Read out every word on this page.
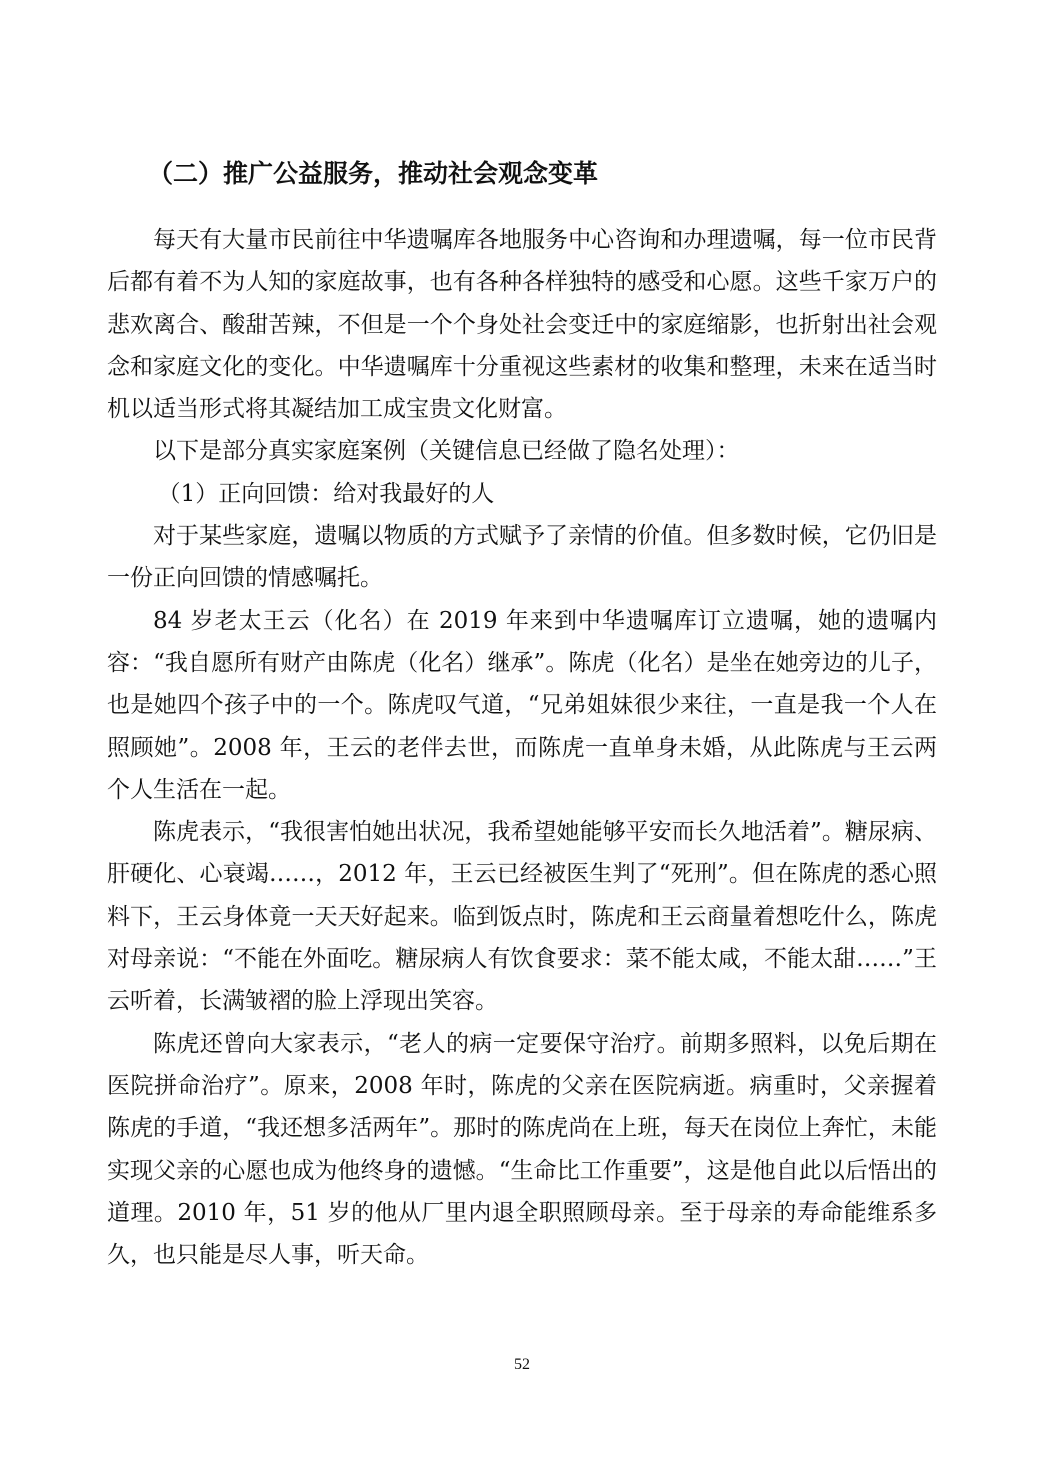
（二）推广公益服务，推动社会观念变革

每天有大量市民前往中华遗嘱库各地服务中心咨询和办理遗嘱，每一位市民背后都有着不为人知的家庭故事，也有各种各样独特的感受和心愿。这些千家万户的悲欢离合、酸甜苦辣，不但是一个个身处社会变迁中的家庭缩影，也折射出社会观念和家庭文化的变化。中华遗嘱库十分重视这些素材的收集和整理，未来在适当时机以适当形式将其凝结加工成宝贵文化财富。

以下是部分真实家庭案例（关键信息已经做了隐名处理）：

（1）正向回馈：给对我最好的人

对于某些家庭，遗嘱以物质的方式赋予了亲情的价值。但多数时候，它仍旧是一份正向回馈的情感嘱托。

84 岁老太王云（化名）在 2019 年来到中华遗嘱库订立遗嘱，她的遗嘱内容：“我自愿所有财产由陈虎（化名）继承”。陈虎（化名）是坐在她旁边的儿子，也是她四个孩子中的一个。陈虎叹气道，“兄弟姐妹很少来往，一直是我一个人在照顾她”。2008 年，王云的老伴去世，而陈虎一直单身未婚，从此陈虎与王云两个人生活在一起。

陈虎表示，“我很害怕她出状况，我希望她能够平安而长久地活着”。糖尿病、肝硬化、心衰竭……，2012 年，王云已经被医生判了“死刑”。但在陈虎的悉心照料下，王云身体竟一天天好起来。临到饭点时，陈虎和王云商量着想吃什么，陈虎对母亲说：“不能在外面吃。糖尿病人有饮食要求：菜不能太咸，不能太甜……”王云听着，长满皱褶的脸上浮现出笑容。

陈虎还曾向大家表示，“老人的病一定要保守治疗。前期多照料，以免后期在医院拼命治疗”。原来，2008 年时，陈虎的父亲在医院病逝。病重时，父亲握着陈虎的手道，“我还想多活两年”。那时的陈虎尚在上班，每天在岗位上奔忙，未能实现父亲的心愿也成为他终身的遗憾。“生命比工作重要”，这是他自此以后悟出的道理。2010 年，51 岁的他从厂里内退全职照顾母亲。至于母亲的寿命能维系多久，也只能是尽人事，听天命。

52
